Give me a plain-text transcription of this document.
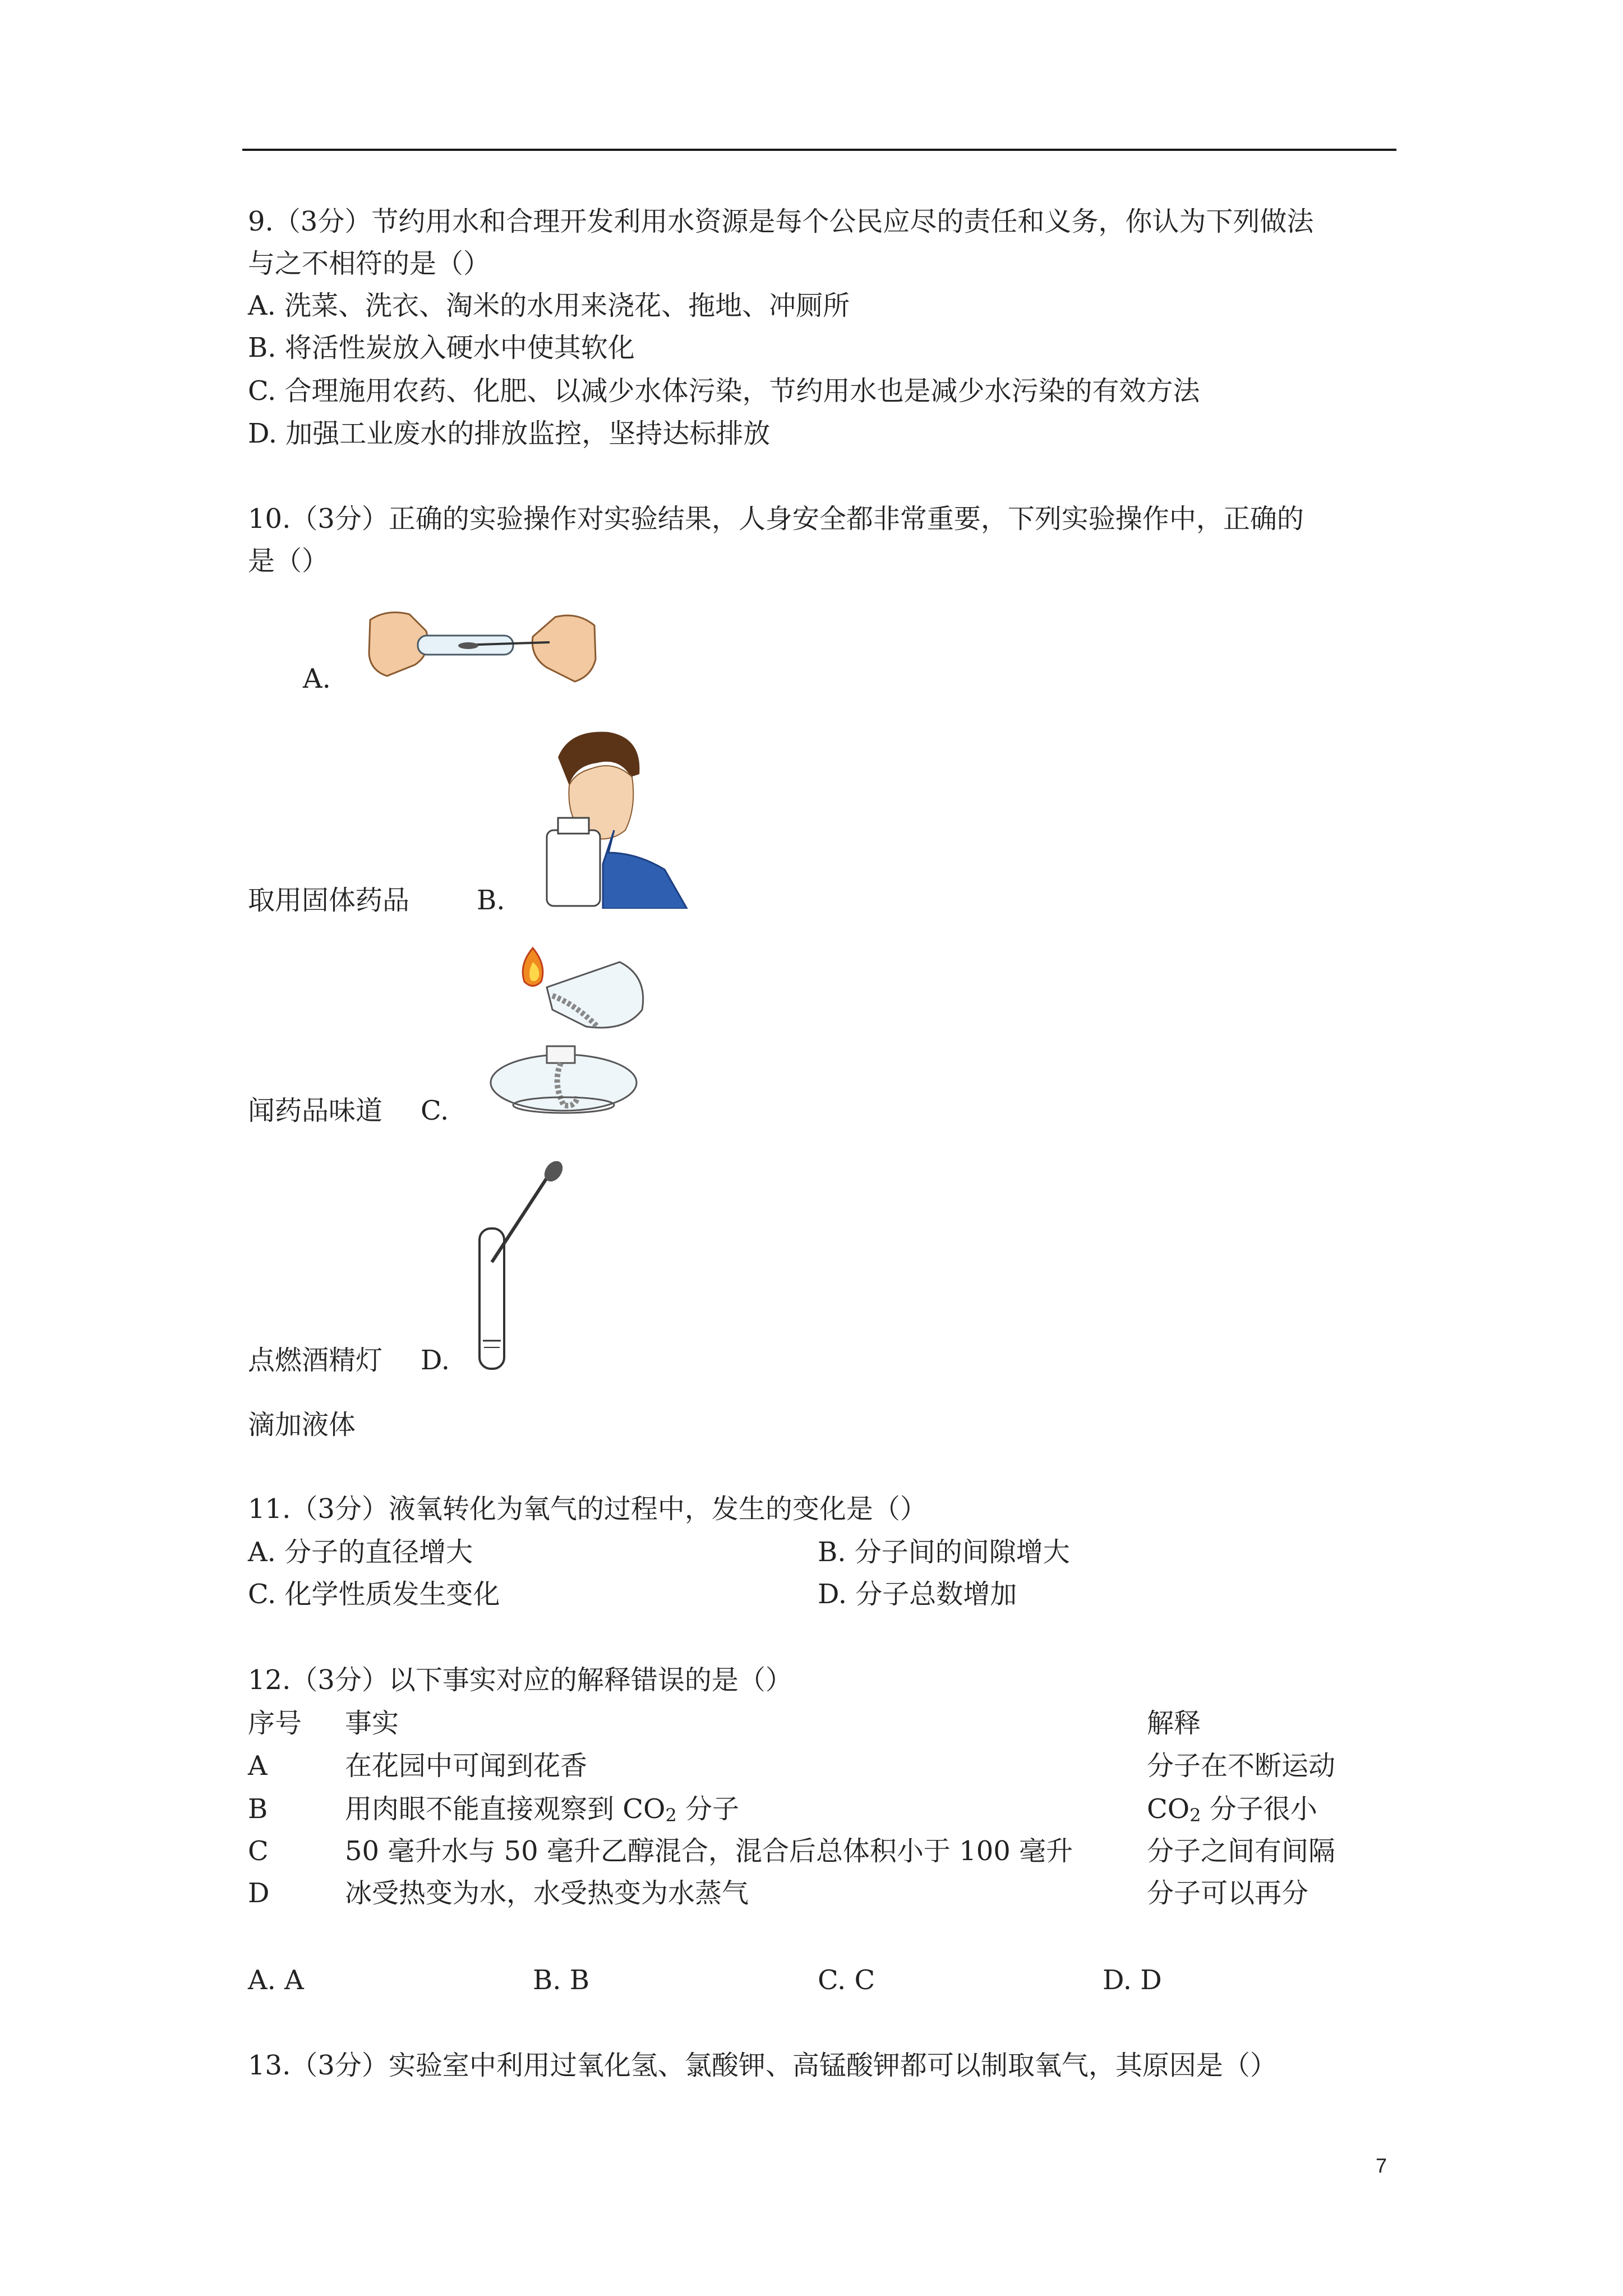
9.（3分）节约用水和合理开发利用水资源是每个公民应尽的责任和义务，你认为下列做法
与之不相符的是（）
A. 洗菜、洗衣、淘米的水用来浇花、拖地、冲厕所
B. 将活性炭放入硬水中使其软化
C. 合理施用农药、化肥、以减少水体污染，节约用水也是减少水污染的有效方法
D. 加强工业废水的排放监控，坚持达标排放
10.（3分）正确的实验操作对实验结果，人身安全都非常重要，下列实验操作中，正确的
是（）
A.
取用固体药品 B.
闻药品味道 C.
点燃酒精灯 D.
滴加液体
11.（3分）液氧转化为氧气的过程中，发生的变化是（）
A. 分子的直径增大	B. 分子间的间隙增大
C. 化学性质发生变化	D. 分子总数增加
12.（3分）以下事实对应的解释错误的是（）
序号 事实	解释
A	在花园中可闻到花香	分子在不断运动
B	用肉眼不能直接观察到 $CO_2$ 分子	$CO_2$ 分子很小
C	50 毫升水与 50 毫升乙醇混合，混合后总体积小于 100 毫升	分子之间有间隔
D	冰受热变为水，水受热变为水蒸气	分子可以再分
A. A	B. B	C. C	D. D
13.（3分）实验室中利用过氧化氢、氯酸钾、高锰酸钾都可以制取氧气，其原因是（）
7
